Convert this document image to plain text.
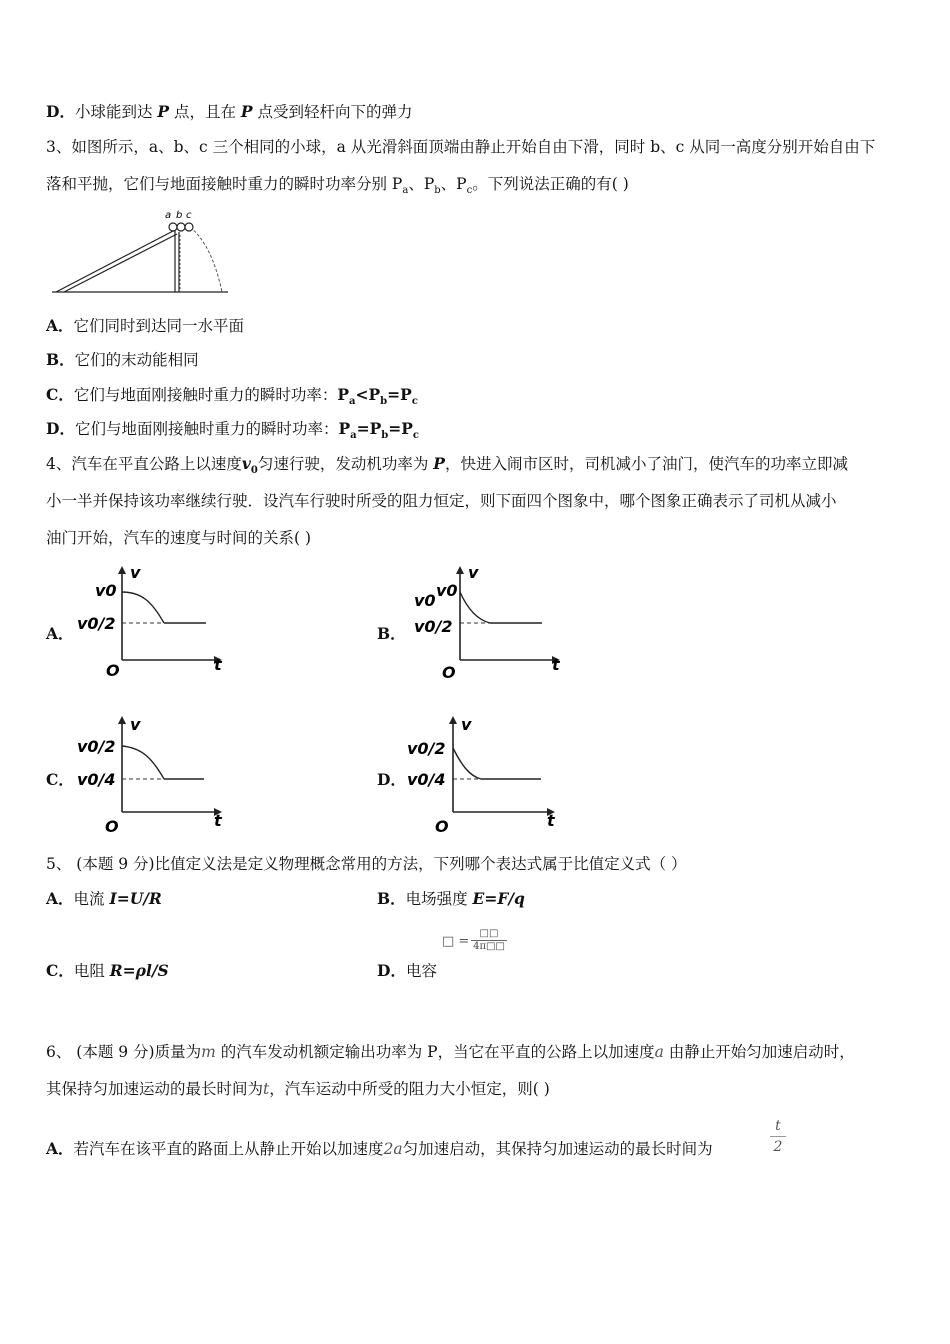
D．小球能到达 P 点，且在 P 点受到轻杆向下的弹力
3、如图所示，a、b、c 三个相同的小球，a 从光滑斜面顶端由静止开始自由下滑，同时 b、c 从同一高度分别开始自由下
落和平抛，它们与地面接触时重力的瞬时功率分别 $P_a$、$P_b$、$P_c$。下列说法正确的有( )
a b c
A．它们同时到达同一水平面
B．它们的末动能相同
C．它们与地面刚接触时重力的瞬时功率：$P_a<P_b=P_c$
D．它们与地面刚接触时重力的瞬时功率：$P_a=P_b=P_c$
4、汽车在平直公路上以速度$v_0$匀速行驶，发动机功率为 P，快进入闹市区时，司机减小了油门，使汽车的功率立即减
小一半并保持该功率继续行驶．设汽车行驶时所受的阻力恒定，则下面四个图象中，哪个图象正确表示了司机从减小
油门开始，汽车的速度与时间的关系( )
A．
v0
v0/2
v
t
O
B．
v0
v0
v0/2
v
t
O
C．
v0/2
v0/4
v
t
O
D．
v0/2
v0/4
v
t
O
5、 (本题 9 分)比值定义法是定义物理概念常用的方法，下列哪个表达式属于比值定义式（ ）
A．电流 I=U/R	B．电场强度 E=F/q
□ =
□□
4π□□
C．电阻 R=ρl/S	D．电容
6、 (本题 9 分)质量为m 的汽车发动机额定输出功率为 P，当它在平直的公路上以加速度a 由静止开始匀加速启动时，
其保持匀加速运动的最长时间为t，汽车运动中所受的阻力大小恒定，则( )
A．若汽车在该平直的路面上从静止开始以加速度2a匀加速启动，其保持匀加速运动的最长时间为	$\frac{t}{2}$
